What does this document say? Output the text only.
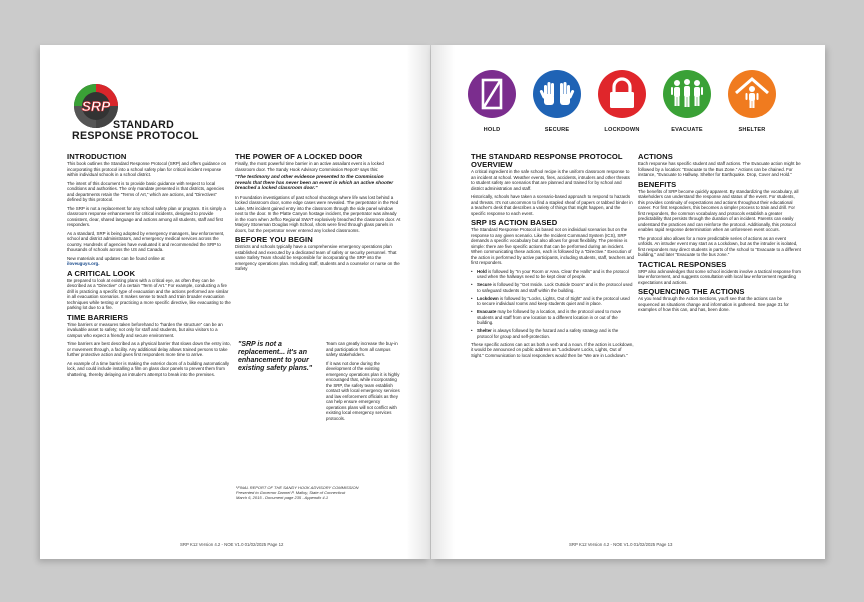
SRP
STANDARD
RESPONSE PROTOCOL
INTRODUCTION

This book outlines the Standard Response Protocol (SRP) and offers guidance on incorporating this protocol into a school safety plan for critical incident response within individual schools in a school district.

The intent of this document is to provide basic guidance with respect to local conditions and authorities. The only mandate presented is that districts, agencies and departments retain the "Terms of Art," which are actions, and "Directives" defined by this protocol.

The SRP is not a replacement for any school safety plan or program. It is simply a classroom response enhancement for critical incidents, designed to provide consistent, clear, shared language and actions among all students, staff and first responders.

As a standard, SRP is being adopted by emergency managers, law enforcement, school and district administrators, and emergency medical services across the country. Hundreds of agencies have evaluated it and recommended the SRP to thousands of schools across the US and Canada.

New materials and updates can be found online at
iloveuguys.org.

A CRITICAL LOOK

Be prepared to look at existing plans with a critical eye, as often they can be described as a "Directive" of a certain "Term of Art." For example, conducting a fire drill is practicing a specific type of evacuation and the actions performed are similar in all evacuation scenarios. It makes sense to teach and train broader evacuation techniques while testing or practicing a more specific directive, like evacuating to the parking lot due to a fire.

TIME BARRIERS

Time barriers or measures taken beforehand to "harden the structure" can be an invaluable asset to safety; not only for staff and students, but also visitors to a campus who expect a friendly and secure environment.

Time barriers are best described as a physical barrier that slows down the entry into, or movement through, a facility. Any additional delay allows trained persons to take further protective action and gives first responders more time to arrive.

An example of a time barrier is making the exterior doors of a building automatically lock, and could include installing a film on glass door panels to prevent them from shattering, thereby delaying an intruder's attempt to break into the premises.

THE POWER OF A LOCKED DOOR

Finally, the most powerful time barrier in an active assailant event is a locked classroom door. The Sandy Hook Advisory Commission Report¹ says this:

"The testimony and other evidence presented to the Commission reveals that there has never been an event in which an active shooter breached a locked classroom door."

In Foundation investigations of past school shootings where life was lost behind a locked classroom door, some edge cases were revealed. The perpetrator in the Red Lake, MN incident gained entry into the classroom through the side panel window next to the door. In the Platte Canyon hostage incident, the perpetrator was already in the room when Jeffco Regional SWAT explosively breached the classroom door. At Marjory Stoneman Douglas High School, shots were fired through glass panels in doors, but the perpetrator never entered any locked classrooms.

BEFORE YOU BEGIN

Districts and schools typically have a comprehensive emergency operations plan established and executed by a dedicated team of safety or security personnel. That same Safety Team should be responsible for incorporating the SRP into the emergency operations plan. Including staff, students and a counselor or nurse on the Safety

"SRP is not a replacement... it's an enhancement to your existing safety plans."

Team can greatly increase the buy-in and participation from all campus safety stakeholders.

If it was not done during the development of the existing emergency operations plan it is highly encouraged that, while incorporating the SRP, the safety team establish contact with local emergency services and law enforcement officials as they can help ensure emergency operations plans will not conflict with existing local emergency services protocols.

¹FINAL REPORT OF THE SANDY HOOK ADVISORY COMMISSION
Presented to Governor Dannel P. Malloy, State of Connecticut
March 6, 2015 - Document page 235 - Appendix 4-1
SRP K12 Version 4.2 - NOE V1.0 01/02/2025 Page 12
HOLD	SECURE	LOCKDOWN	EVACUATE	SHELTER
THE STANDARD RESPONSE PROTOCOL OVERVIEW

A critical ingredient in the safe school recipe is the uniform classroom response to an incident at school. Weather events, fires, accidents, intruders and other threats to student safety are scenarios that are planned and trained for by school and district administration and staff.

Historically, schools have taken a scenario-based approach to respond to hazards and threats. It's not uncommon to find a stapled sheaf of papers or tabbed binder in a teacher's desk that describes a variety of things that might happen, and the specific response to each event.

SRP IS ACTION BASED

The Standard Response Protocol is based not on individual scenarios but on the response to any given scenario. Like the Incident Command System (ICS), SRP demands a specific vocabulary but also allows for great flexibility. The premise is simple: there are five specific actions that can be performed during an incident. When communicating these actions, each is followed by a "Directive." Execution of the action is performed by active participants, including students, staff, teachers and first responders.

• Hold is followed by "In your Room or Area. Clear the Halls" and is the protocol used when the hallways need to be kept clear of people.
• Secure is followed by "Get Inside. Lock Outside Doors" and is the protocol used to safeguard students and staff within the building.
• Lockdown is followed by "Locks, Lights, Out of Sight" and is the protocol used to secure individual rooms and keep students quiet and in place.
• Evacuate may be followed by a location, and is the protocol used to move students and staff from one location to a different location in or out of the building.
• Shelter is always followed by the hazard and a safety strategy and is the protocol for group and self-protection.

These specific actions can act as both a verb and a noun. If the action is Lockdown, it would be announced on public address as "Lockdown! Locks, Lights, Out of Sight." Communication to local responders would then be "We are in Lockdown."

ACTIONS

Each response has specific student and staff actions. The Evacuate action might be followed by a location: "Evacuate to the Bus Zone." Actions can be chained. For instance, "Evacuate to Hallway. Shelter for Earthquake. Drop, Cover and Hold."

BENEFITS

The benefits of SRP become quickly apparent. By standardizing the vocabulary, all stakeholders can understand the response and status of the event. For students, this provides continuity of expectations and actions throughout their educational career. For first responders, this becomes a simpler process to train and drill. For first responders, the common vocabulary and protocols establish a greater predictability that persists through the duration of an incident. Parents can easily understand the practices and can reinforce the protocol. Additionally, this protocol enables rapid response determination when an unforeseen event occurs.

The protocol also allows for a more predictable series of actions as an event unfolds. An intruder event may start as a Lockdown, but as the intruder is isolated, first responders may direct students in parts of the school to "Evacuate to a different building," and later "Evacuate to the bus zone."

TACTICAL RESPONSES

SRP also acknowledges that some school incidents involve a tactical response from law enforcement, and suggests consultation with local law enforcement regarding expectations and actions.

SEQUENCING THE ACTIONS

As you read through the Action Sections, you'll see that the actions can be sequenced as situations change and information is gathered. See page 31 for examples of how this can, and has, been done.

SRP K12 Version 4.2 - NOE V1.0 01/02/2025 Page 13
